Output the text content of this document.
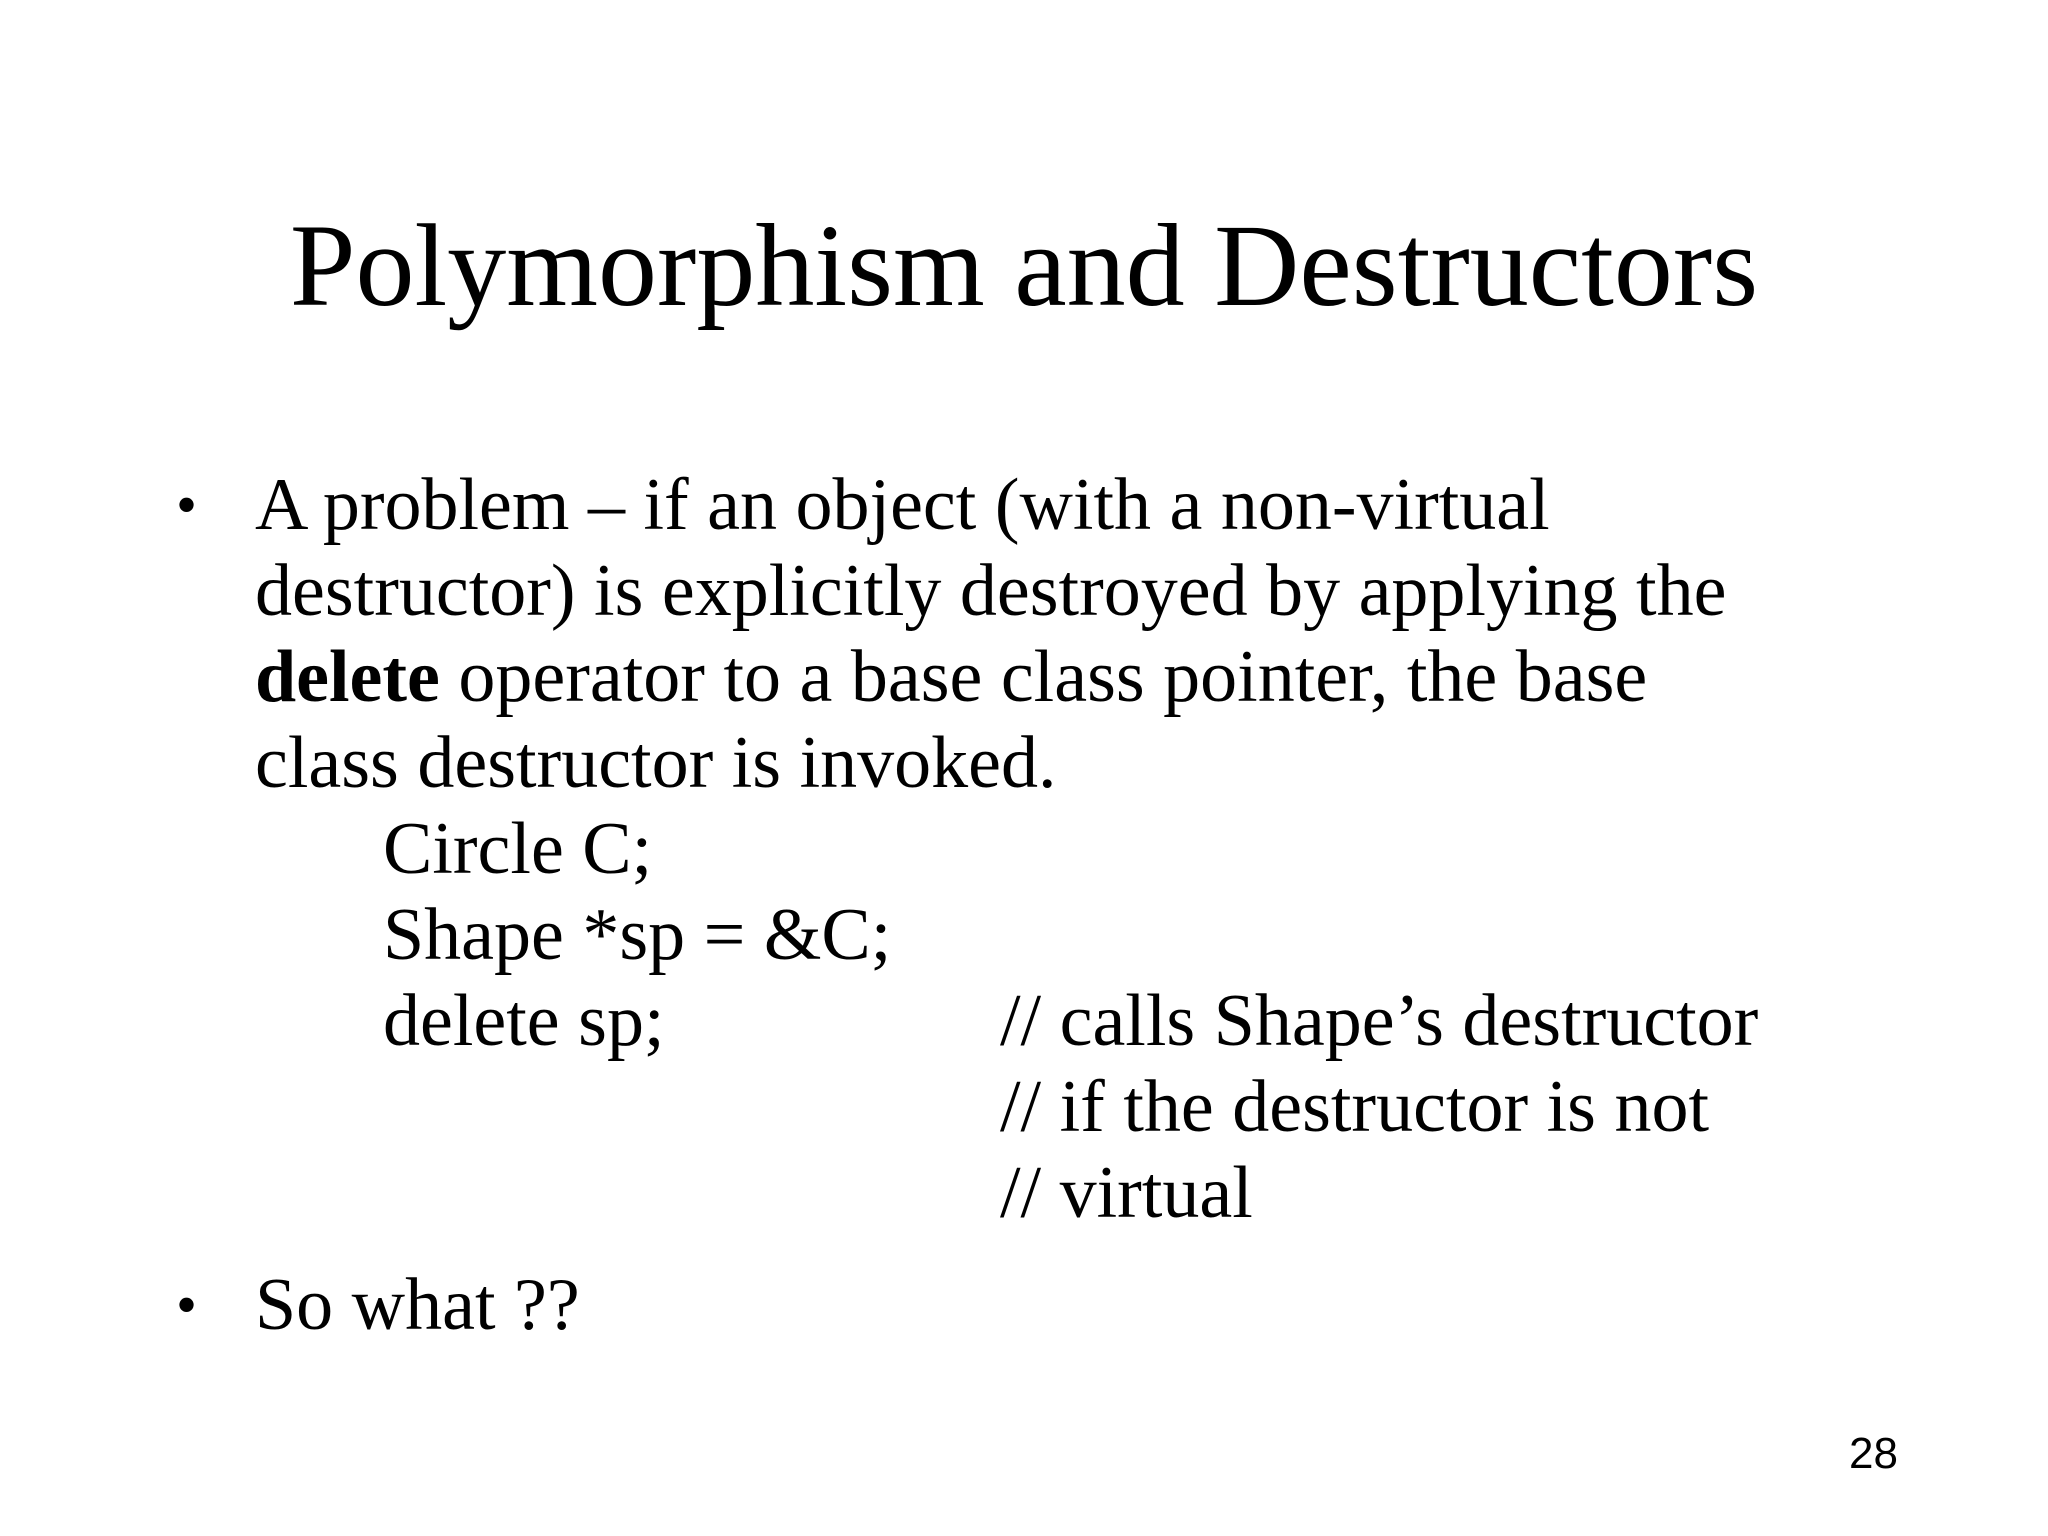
Polymorphism and Destructors
• A problem – if an object (with a non-virtual
destructor) is explicitly destroyed by applying the
delete operator to a base class pointer, the base
class destructor is invoked.
Circle C;
Shape *sp = &C;
delete sp;	// calls Shape’s destructor
// if the destructor is not
// virtual
• So what ??
28
